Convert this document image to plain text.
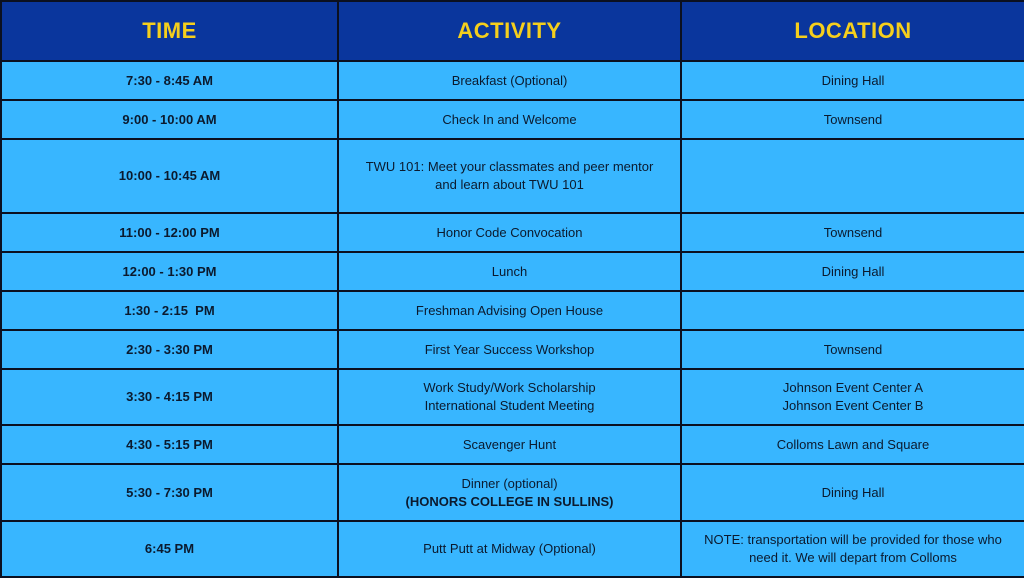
TIME	ACTIVITY	LOCATION
7:30 - 8:45 AM	Breakfast (Optional)	Dining Hall

9:00 - 10:00 AM	Check In and Welcome	Townsend

10:00 - 10:45 AM	TWU 101: Meet your classmates and peer mentor
and learn about TWU 101	

11:00 - 12:00 PM	Honor Code Convocation	Townsend

12:00 - 1:30 PM	Lunch	Dining Hall

1:30 - 2:15  PM	Freshman Advising Open House	

2:30 - 3:30 PM	First Year Success Workshop	Townsend

3:30 - 4:15 PM	Work Study/Work Scholarship
International Student Meeting	Johnson Event Center A
Johnson Event Center B

4:30 - 5:15 PM	Scavenger Hunt	Colloms Lawn and Square

5:30 - 7:30 PM	Dinner (optional)
(HONORS COLLEGE IN SULLINS)	Dining Hall

6:45 PM	Putt Putt at Midway (Optional)	NOTE: transportation will be provided for those who
need it. We will depart from Colloms
